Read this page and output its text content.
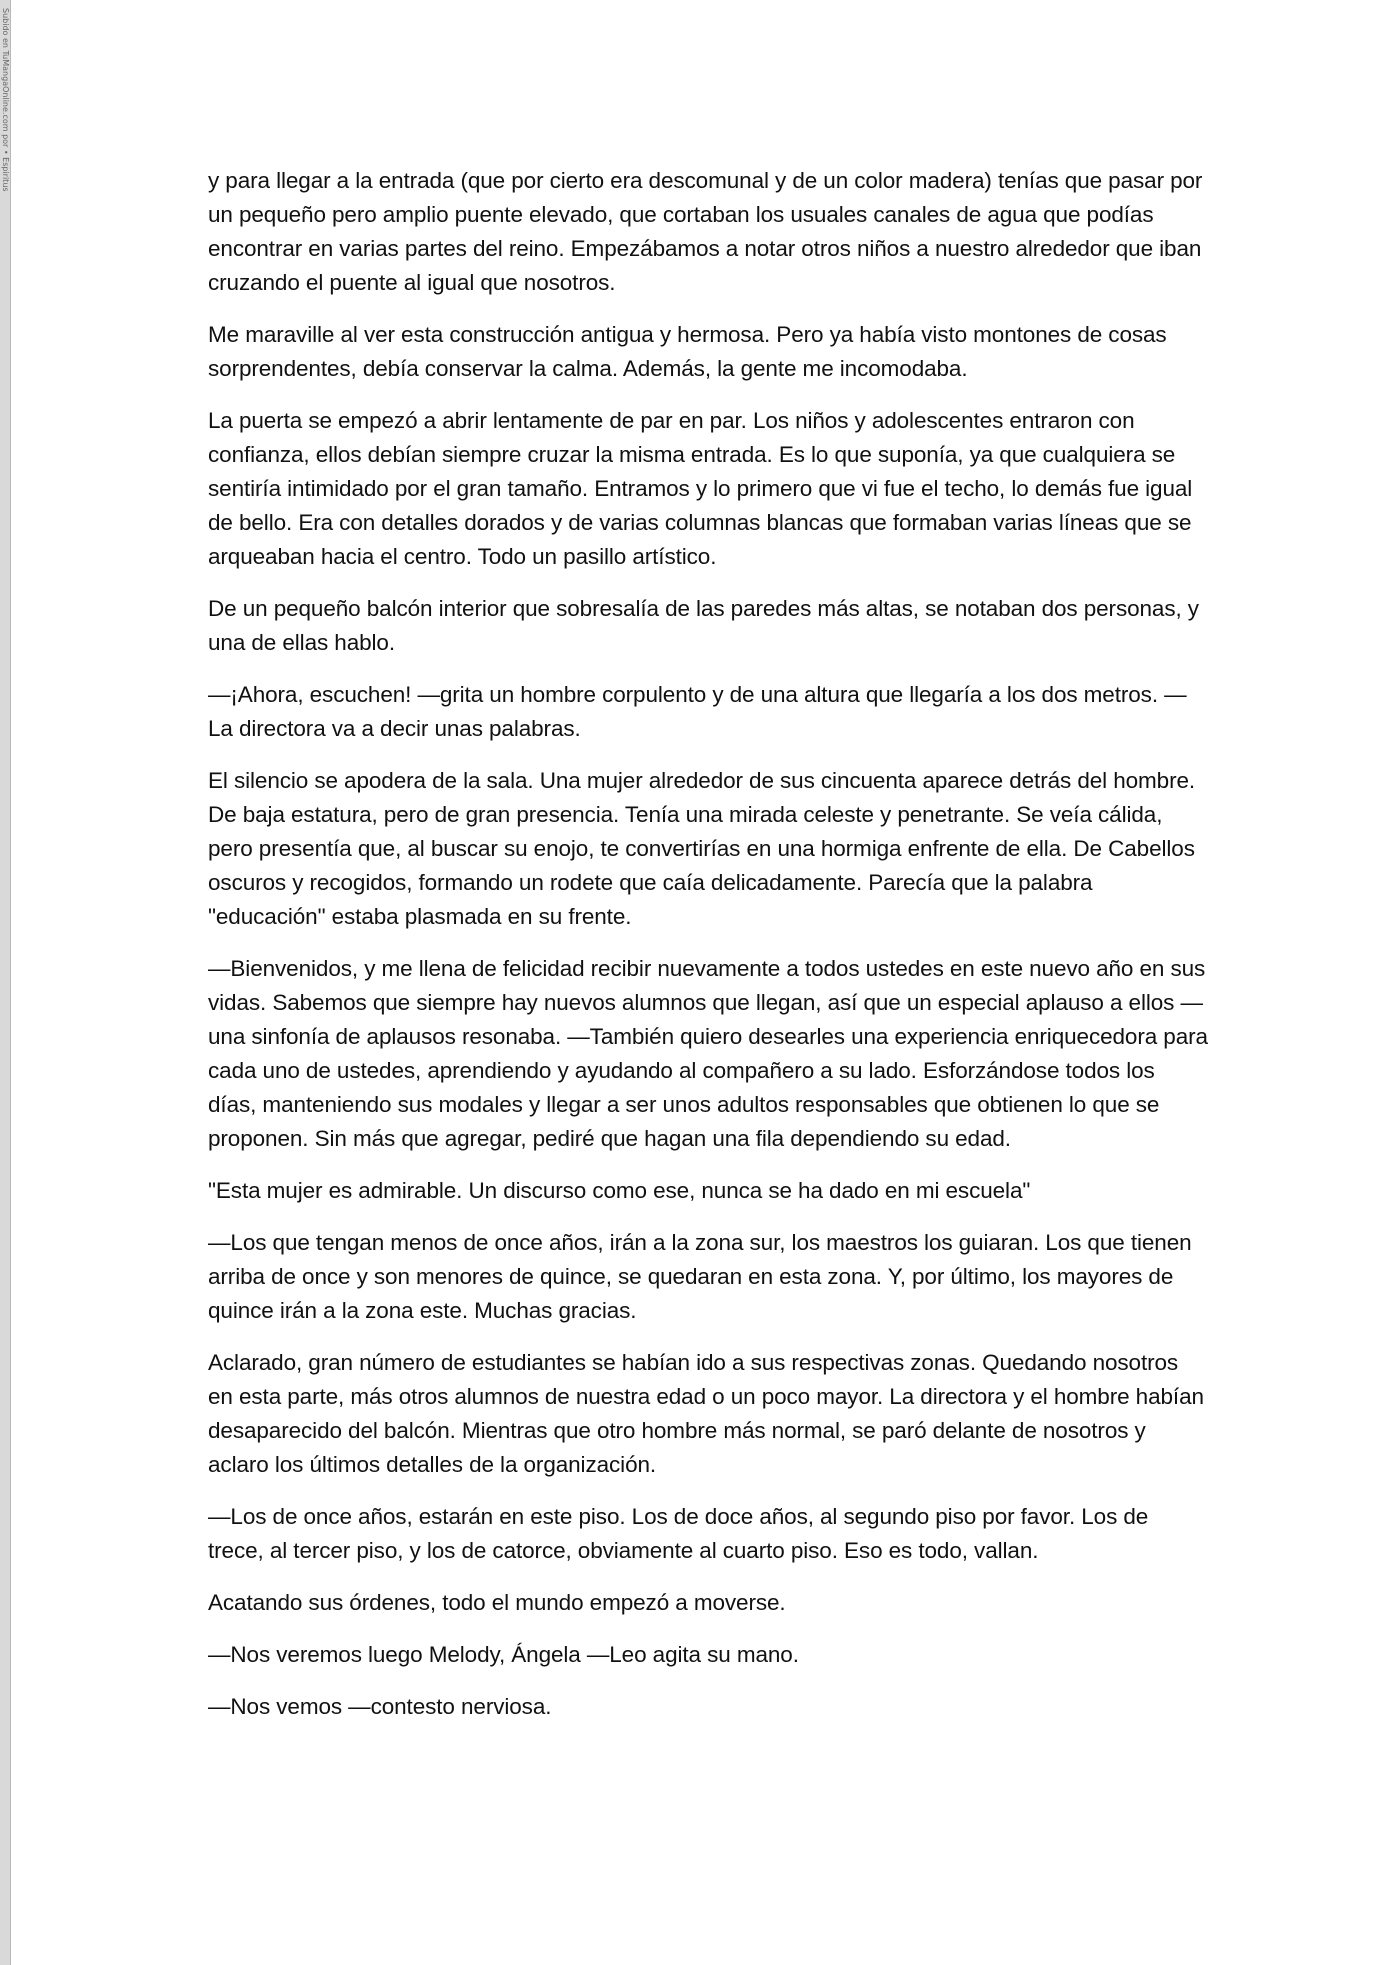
Subido en TuMangaOnline.com por • Espiritus	y para llegar a la entrada (que por cierto era descomunal y de un color madera) tenías que pasar por un pequeño pero amplio puente elevado, que cortaban los usuales canales de agua que podías encontrar en varias partes del reino. Empezábamos a notar otros niños a nuestro alrededor que iban cruzando el puente al igual que nosotros.

Me maraville al ver esta construcción antigua y hermosa. Pero ya había visto montones de cosas sorprendentes, debía conservar la calma. Además, la gente me incomodaba.

La puerta se empezó a abrir lentamente de par en par. Los niños y adolescentes entraron con confianza, ellos debían siempre cruzar la misma entrada. Es lo que suponía, ya que cualquiera se sentiría intimidado por el gran tamaño. Entramos y lo primero que vi fue el techo, lo demás fue igual de bello. Era con detalles dorados y de varias columnas blancas que formaban varias líneas que se arqueaban hacia el centro. Todo un pasillo artístico.

De un pequeño balcón interior que sobresalía de las paredes más altas, se notaban dos personas, y una de ellas hablo.

—¡Ahora, escuchen! —grita un hombre corpulento y de una altura que llegaría a los dos metros. —La directora va a decir unas palabras.

El silencio se apodera de la sala. Una mujer alrededor de sus cincuenta aparece detrás del hombre. De baja estatura, pero de gran presencia. Tenía una mirada celeste y penetrante. Se veía cálida, pero presentía que, al buscar su enojo, te convertirías en una hormiga enfrente de ella. De Cabellos oscuros y recogidos, formando un rodete que caía delicadamente. Parecía que la palabra "educación" estaba plasmada en su frente.

—Bienvenidos, y me llena de felicidad recibir nuevamente a todos ustedes en este nuevo año en sus vidas. Sabemos que siempre hay nuevos alumnos que llegan, así que un especial aplauso a ellos —una sinfonía de aplausos resonaba. —También quiero desearles una experiencia enriquecedora para cada uno de ustedes, aprendiendo y ayudando al compañero a su lado. Esforzándose todos los días, manteniendo sus modales y llegar a ser unos adultos responsables que obtienen lo que se proponen. Sin más que agregar, pediré que hagan una fila dependiendo su edad.

"Esta mujer es admirable. Un discurso como ese, nunca se ha dado en mi escuela"

—Los que tengan menos de once años, irán a la zona sur, los maestros los guiaran. Los que tienen arriba de once y son menores de quince, se quedaran en esta zona. Y, por último, los mayores de quince irán a la zona este. Muchas gracias.

Aclarado, gran número de estudiantes se habían ido a sus respectivas zonas. Quedando nosotros en esta parte, más otros alumnos de nuestra edad o un poco mayor. La directora y el hombre habían desaparecido del balcón. Mientras que otro hombre más normal, se paró delante de nosotros y aclaro los últimos detalles de la organización.

—Los de once años, estarán en este piso. Los de doce años, al segundo piso por favor. Los de trece, al tercer piso, y los de catorce, obviamente al cuarto piso. Eso es todo, vallan.

Acatando sus órdenes, todo el mundo empezó a moverse.

—Nos veremos luego Melody, Ángela —Leo agita su mano.

—Nos vemos —contesto nerviosa.
